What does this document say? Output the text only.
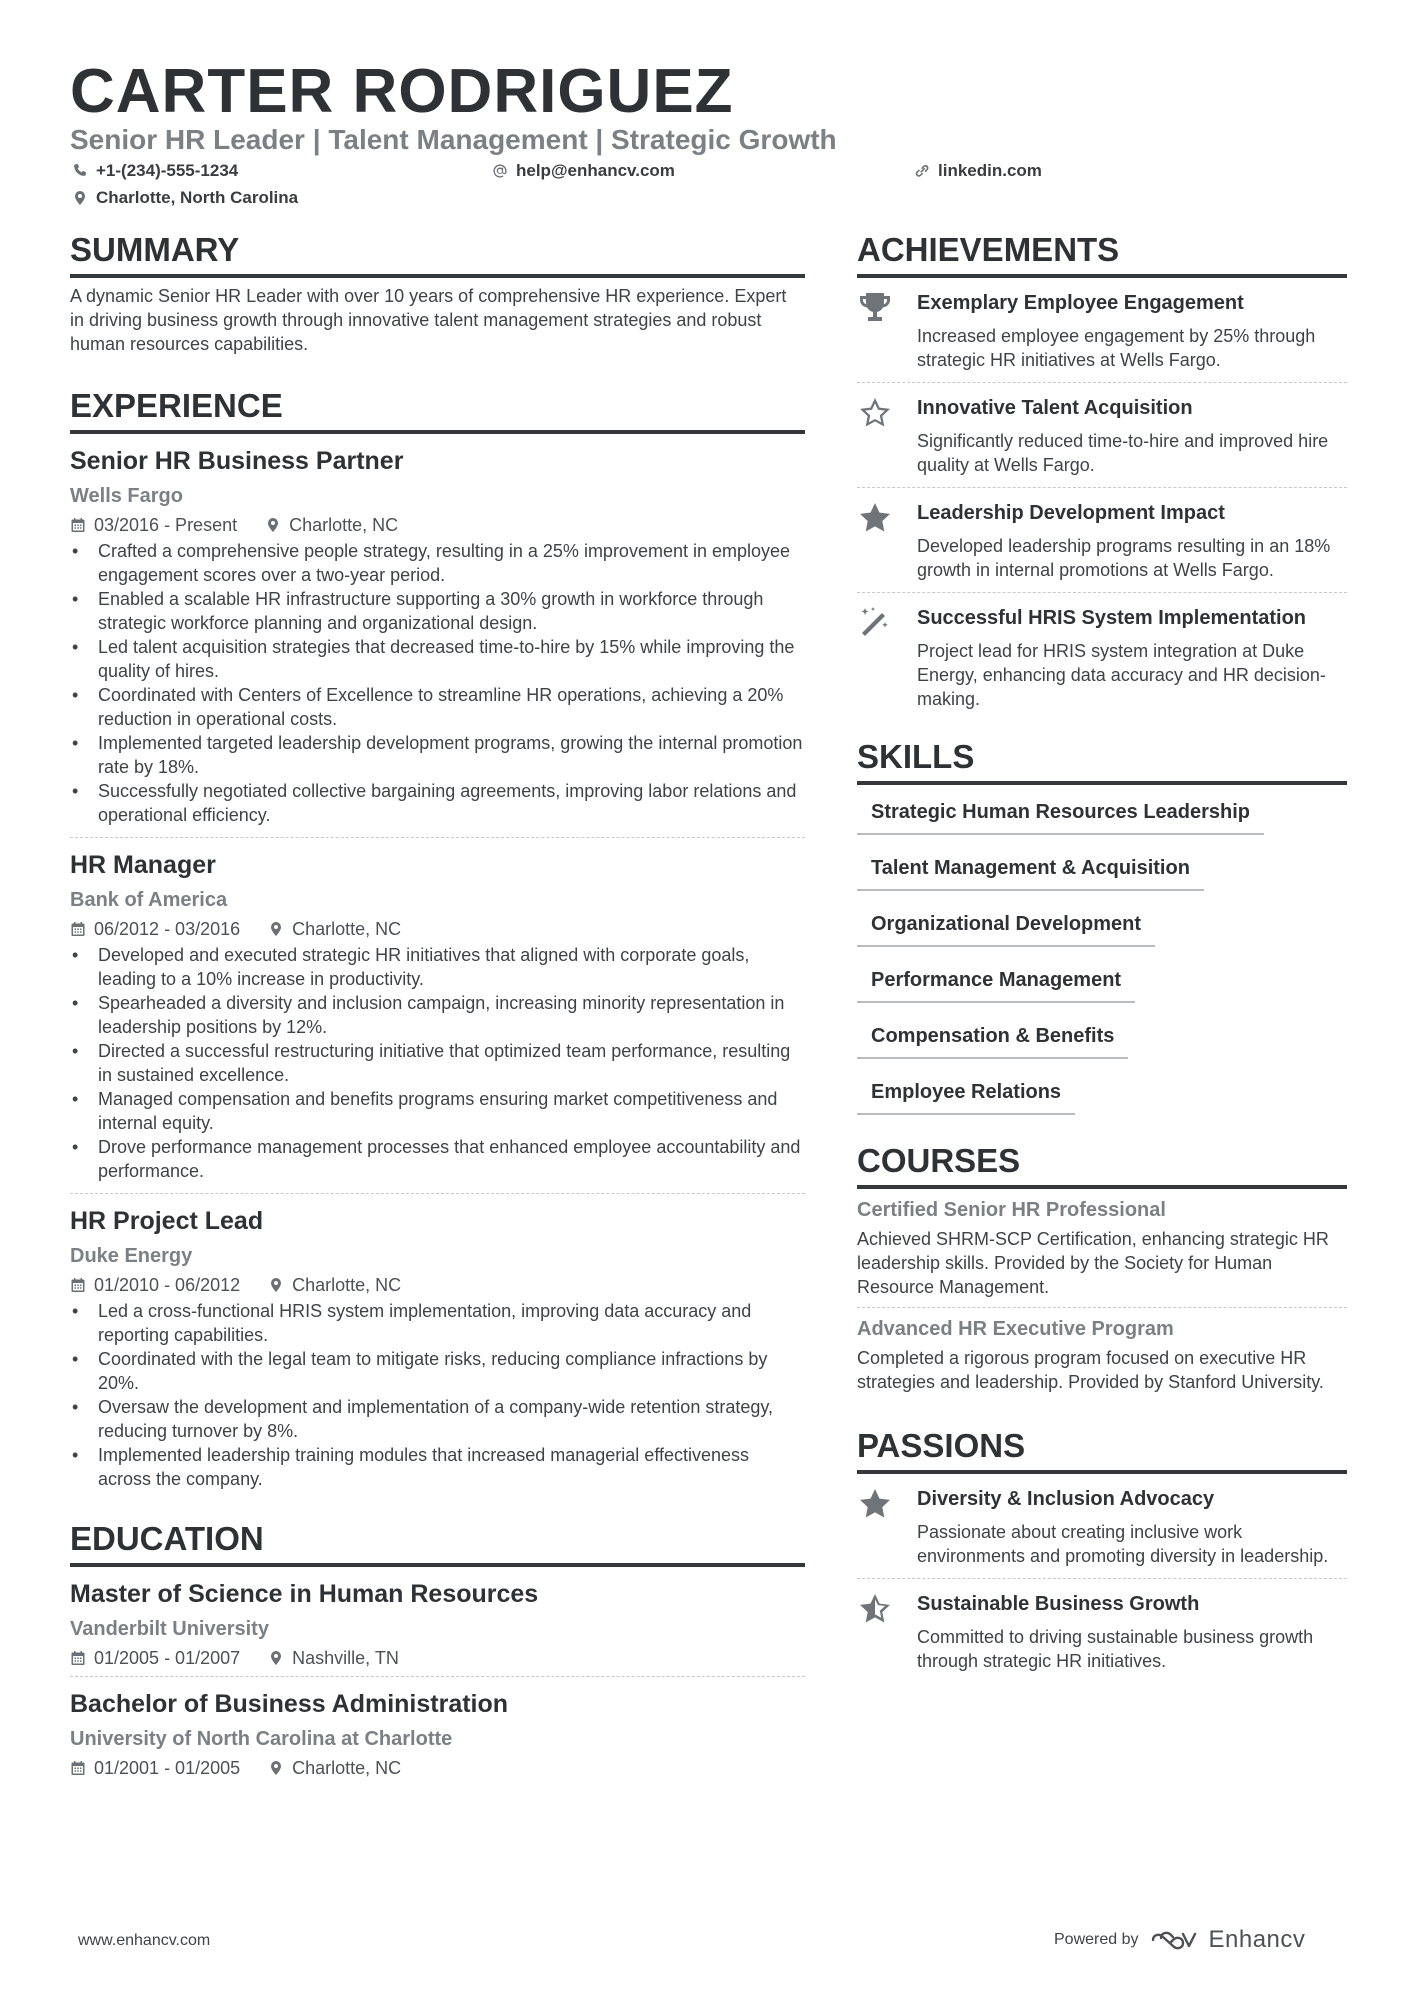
CARTER RODRIGUEZ
Senior HR Leader | Talent Management | Strategic Growth
+1-(234)-555-1234	help@enhancv.com	linkedin.com
Charlotte, North Carolina
SUMMARY

A dynamic Senior HR Leader with over 10 years of comprehensive HR experience. Expert in driving business growth through innovative talent management strategies and robust human resources capabilities.

EXPERIENCE
Senior HR Business Partner
Wells Fargo
03/2016 - Present	Charlotte, NC
• Crafted a comprehensive people strategy, resulting in a 25% improvement in employee engagement scores over a two-year period.
• Enabled a scalable HR infrastructure supporting a 30% growth in workforce through strategic workforce planning and organizational design.
• Led talent acquisition strategies that decreased time-to-hire by 15% while improving the quality of hires.
• Coordinated with Centers of Excellence to streamline HR operations, achieving a 20% reduction in operational costs.
• Implemented targeted leadership development programs, growing the internal promotion rate by 18%.
• Successfully negotiated collective bargaining agreements, improving labor relations and operational efficiency.
HR Manager
Bank of America
06/2012 - 03/2016	Charlotte, NC
• Developed and executed strategic HR initiatives that aligned with corporate goals, leading to a 10% increase in productivity.
• Spearheaded a diversity and inclusion campaign, increasing minority representation in leadership positions by 12%.
• Directed a successful restructuring initiative that optimized team performance, resulting in sustained excellence.
• Managed compensation and benefits programs ensuring market competitiveness and internal equity.
• Drove performance management processes that enhanced employee accountability and performance.
HR Project Lead
Duke Energy
01/2010 - 06/2012	Charlotte, NC
• Led a cross-functional HRIS system implementation, improving data accuracy and reporting capabilities.
• Coordinated with the legal team to mitigate risks, reducing compliance infractions by 20%.
• Oversaw the development and implementation of a company-wide retention strategy, reducing turnover by 8%.
• Implemented leadership training modules that increased managerial effectiveness across the company.
EDUCATION
Master of Science in Human Resources
Vanderbilt University
01/2005 - 01/2007	Nashville, TN
Bachelor of Business Administration
University of North Carolina at Charlotte
01/2001 - 01/2005	Charlotte, NC
ACHIEVEMENTS
Exemplary Employee Engagement
Increased employee engagement by 25% through strategic HR initiatives at Wells Fargo.
Innovative Talent Acquisition
Significantly reduced time-to-hire and improved hire quality at Wells Fargo.
Leadership Development Impact
Developed leadership programs resulting in an 18% growth in internal promotions at Wells Fargo.
Successful HRIS System Implementation
Project lead for HRIS system integration at Duke Energy, enhancing data accuracy and HR decision-making.
SKILLS
Strategic Human Resources Leadership
Talent Management & Acquisition
Organizational Development
Performance Management
Compensation & Benefits
Employee Relations
COURSES
Certified Senior HR Professional
Achieved SHRM-SCP Certification, enhancing strategic HR leadership skills. Provided by the Society for Human Resource Management.
Advanced HR Executive Program
Completed a rigorous program focused on executive HR strategies and leadership. Provided by Stanford University.
PASSIONS
Diversity & Inclusion Advocacy
Passionate about creating inclusive work environments and promoting diversity in leadership.
Sustainable Business Growth
Committed to driving sustainable business growth through strategic HR initiatives.
www.enhancv.com	Powered by	Enhancv
